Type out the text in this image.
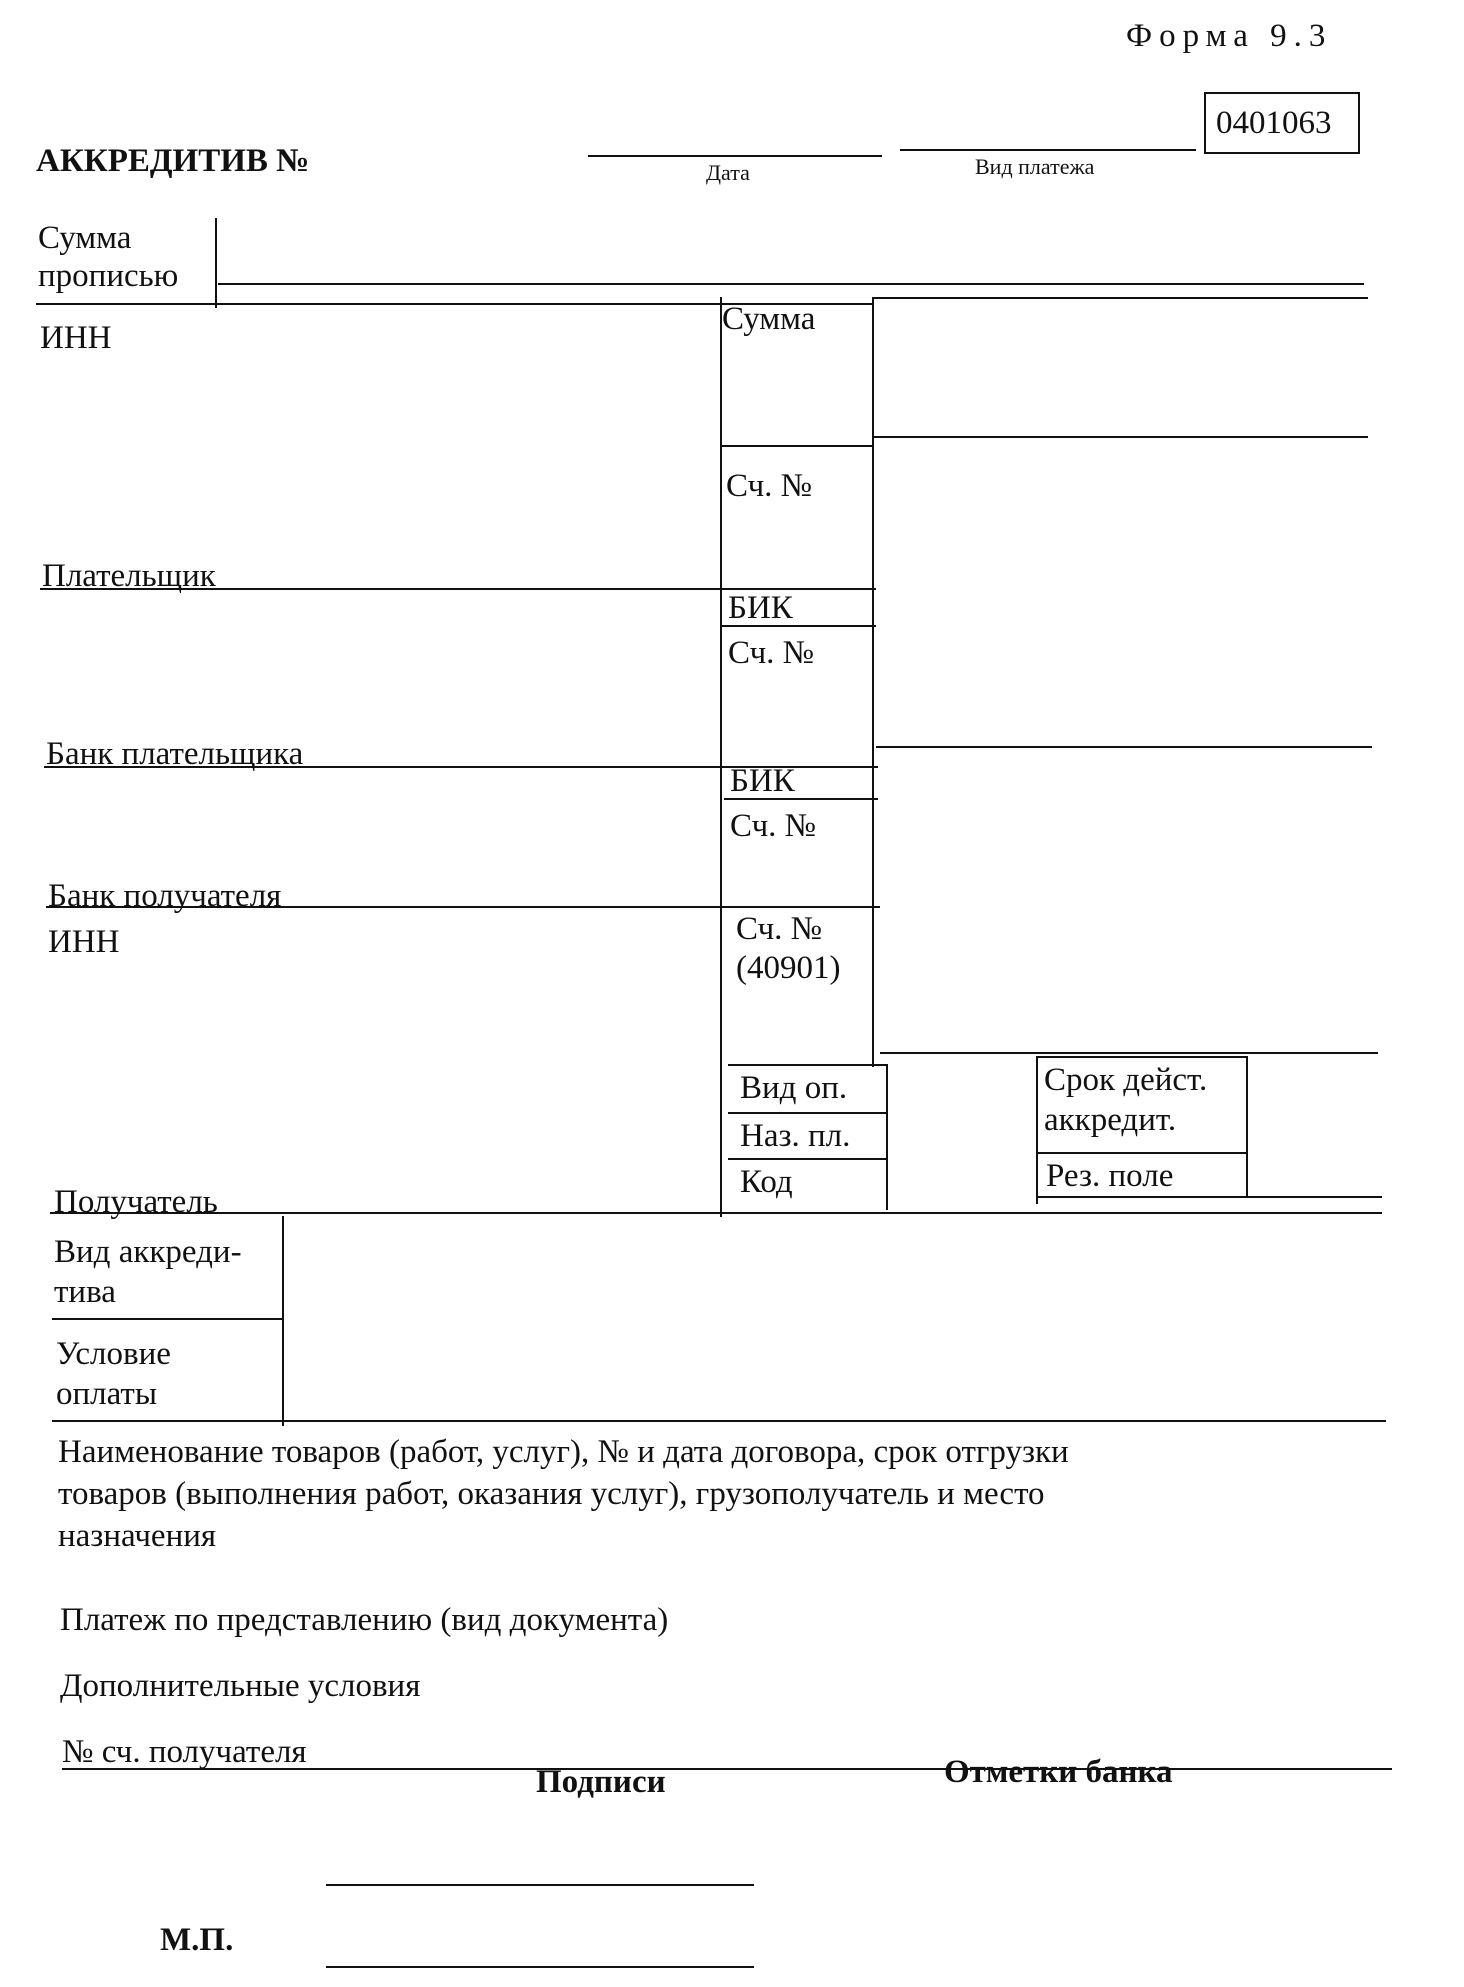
Форма 9.3
0401063
АККРЕДИТИВ №	Дата	Вид платежа
Сумма
прописью
ИНН
Плательщик
Банк плательщика
Сумма
Сч. №
БИК
Сч. №
Банк получателя
БИК
Сч. №
ИНН	Сч. №
(40901)
Получатель
Вид оп.
Наз. пл.
Код
Срок дейст.
аккредит.
Рез. поле
Вид аккреди-
тива
Условие
оплаты
Наименование товаров (работ, услуг), № и дата договора, срок отгрузки
товаров (выполнения работ, оказания услуг), грузополучатель и место
назначения
Платеж по представлению (вид документа)
Дополнительные условия
№ сч. получателя
Подписи	Отметки банка
М.П.
